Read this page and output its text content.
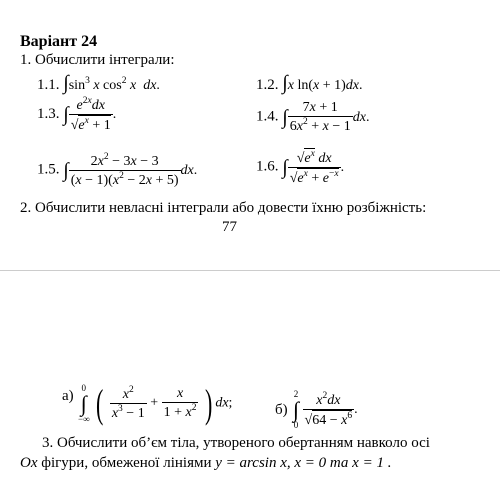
Варіант 24
1. Обчислити інтеграли:
1.1. $\int\sin^3$ x $\cos^2 x$ dx.	1.2. ∫x ln(x + 1)dx.
1.3. ∫ $\frac{e^{2x}dx}{√e^x + 1}$ .	1.4. ∫ $\frac{7x + 1}{6x^2 + x - 1}$ dx.
1.5. ∫ $\frac{2x^2 - 3x - 3}{(x - 1)(x^2 - 2x + 5)}$ dx.	1.6. ∫ $\frac{√e^x dx}{√e^x + e^{-x}}$ .
2. Обчислити невласні інтеграли або довести їхню розбіжність:
77
а)
0
∫
−∞ ( $\frac{x^2}{x^3 - 1} + \frac{x}{1 + x^2}$ ) dx;	б)
2
∫
0
$\frac{x^2dx}{√64 - x^6}$ .
3. Обчислити об’єм тіла, утвореного обертанням навколо осі
Ox фігури, обмеженої лініями y = arcsin x, x = 0 та x = 1 .
